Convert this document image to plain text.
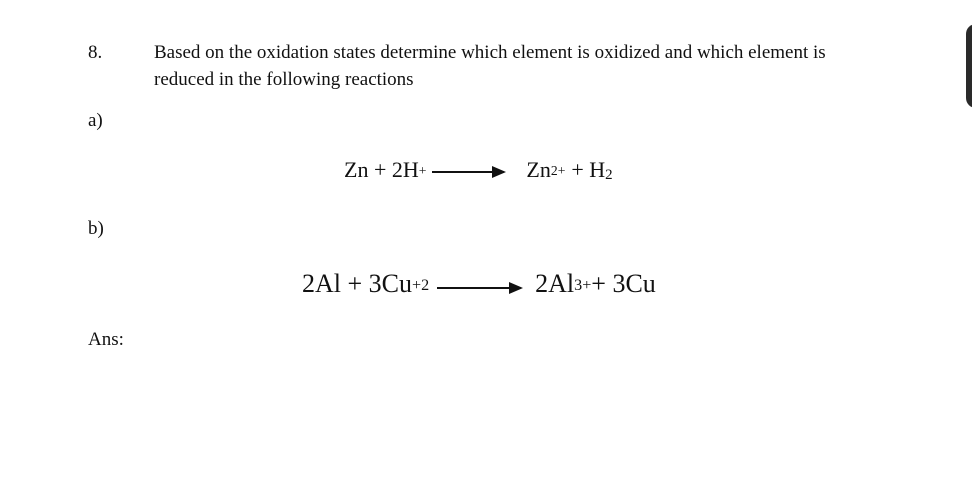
8.	Based on the oxidation states determine which element is oxidized and which element is
reduced in the following reactions
a)
Zn + 2H+	$Zn^{2+} + H_2$
b)
$2Al + 3Cu^{+2}$	$2Al^{3+} + 3Cu$
Ans:
